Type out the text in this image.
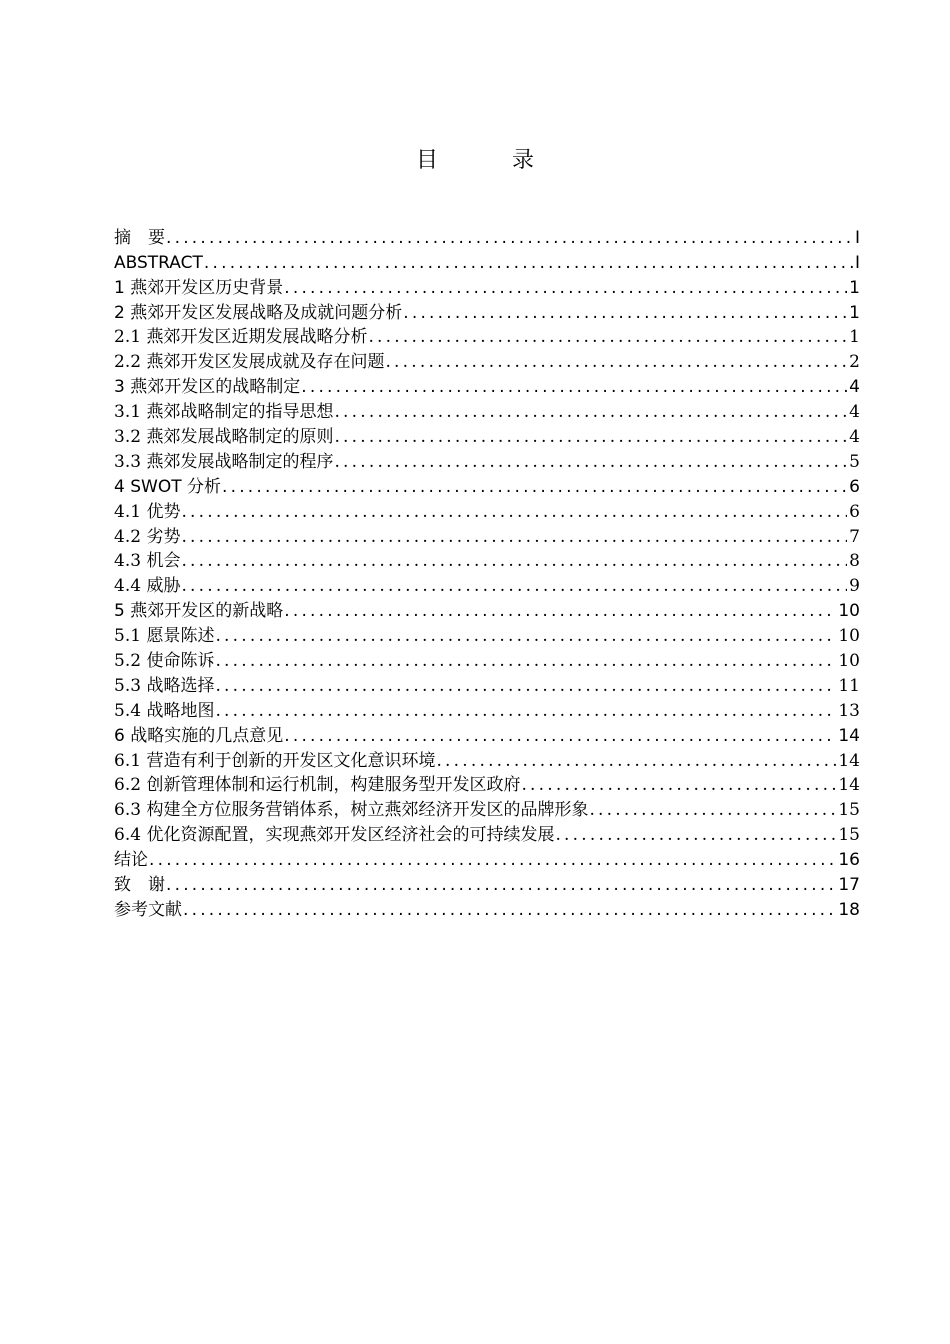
目　录
摘　要 .....	I
ABSTRACT .....	I
1 燕郊开发区历史背景 .....	1
2 燕郊开发区发展战略及成就问题分析 .....	1
2.1 燕郊开发区近期发展战略分析 .....	1
2.2 燕郊开发区发展成就及存在问题 .....	2
3 燕郊开发区的战略制定 .....	4
3.1 燕郊战略制定的指导思想 .....	4
3.2 燕郊发展战略制定的原则 .....	4
3.3 燕郊发展战略制定的程序 .....	5
4 SWOT 分析 .....	6
4.1 优势 .....	6
4.2 劣势 .....	7
4.3 机会 .....	8
4.4 威胁 .....	9
5 燕郊开发区的新战略 .....	10
5.1 愿景陈述 .....	10
5.2 使命陈诉 .....	10
5.3 战略选择 .....	11
5.4 战略地图 .....	13
6 战略实施的几点意见 .....	14
6.1 营造有利于创新的开发区文化意识环境 .....	14
6.2 创新管理体制和运行机制，构建服务型开发区政府 .....	14
6.3 构建全方位服务营销体系，树立燕郊经济开发区的品牌形象 .....	15
6.4 优化资源配置，实现燕郊开发区经济社会的可持续发展 .....	15
结论 .....	16
致　谢 .....	17
参考文献 .....	18
